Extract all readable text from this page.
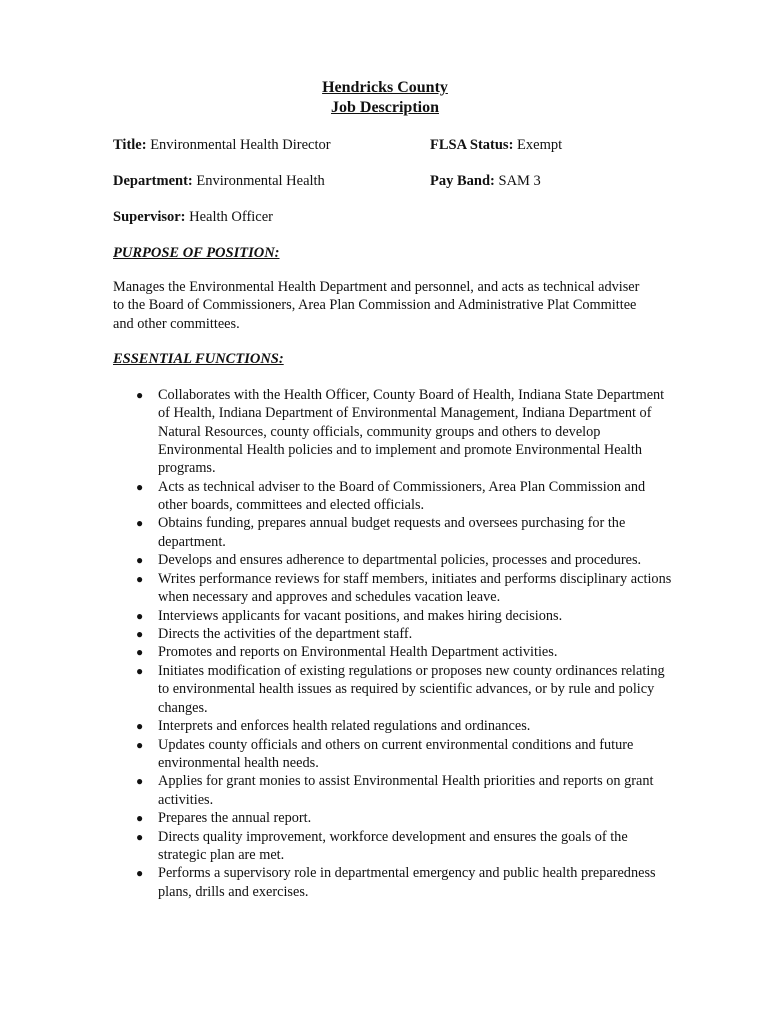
Hendricks County
Job Description
Title: Environmental Health Director	FLSA Status: Exempt
Department: Environmental Health	Pay Band: SAM 3
Supervisor: Health Officer
PURPOSE OF POSITION:
Manages the Environmental Health Department and personnel, and acts as technical adviser to the Board of Commissioners, Area Plan Commission and Administrative Plat Committee and other committees.
ESSENTIAL FUNCTIONS:
● Collaborates with the Health Officer, County Board of Health, Indiana State Department of Health, Indiana Department of Environmental Management, Indiana Department of Natural Resources, county officials, community groups and others to develop Environmental Health policies and to implement and promote Environmental Health programs.
● Acts as technical adviser to the Board of Commissioners, Area Plan Commission and other boards, committees and elected officials.
● Obtains funding, prepares annual budget requests and oversees purchasing for the department.
● Develops and ensures adherence to departmental policies, processes and procedures.
● Writes performance reviews for staff members, initiates and performs disciplinary actions when necessary and approves and schedules vacation leave.
● Interviews applicants for vacant positions, and makes hiring decisions.
● Directs the activities of the department staff.
● Promotes and reports on Environmental Health Department activities.
● Initiates modification of existing regulations or proposes new county ordinances relating to environmental health issues as required by scientific advances, or by rule and policy changes.
● Interprets and enforces health related regulations and ordinances.
● Updates county officials and others on current environmental conditions and future environmental health needs.
● Applies for grant monies to assist Environmental Health priorities and reports on grant activities.
● Prepares the annual report.
● Directs quality improvement, workforce development and ensures the goals of the strategic plan are met.
● Performs a supervisory role in departmental emergency and public health preparedness plans, drills and exercises.
